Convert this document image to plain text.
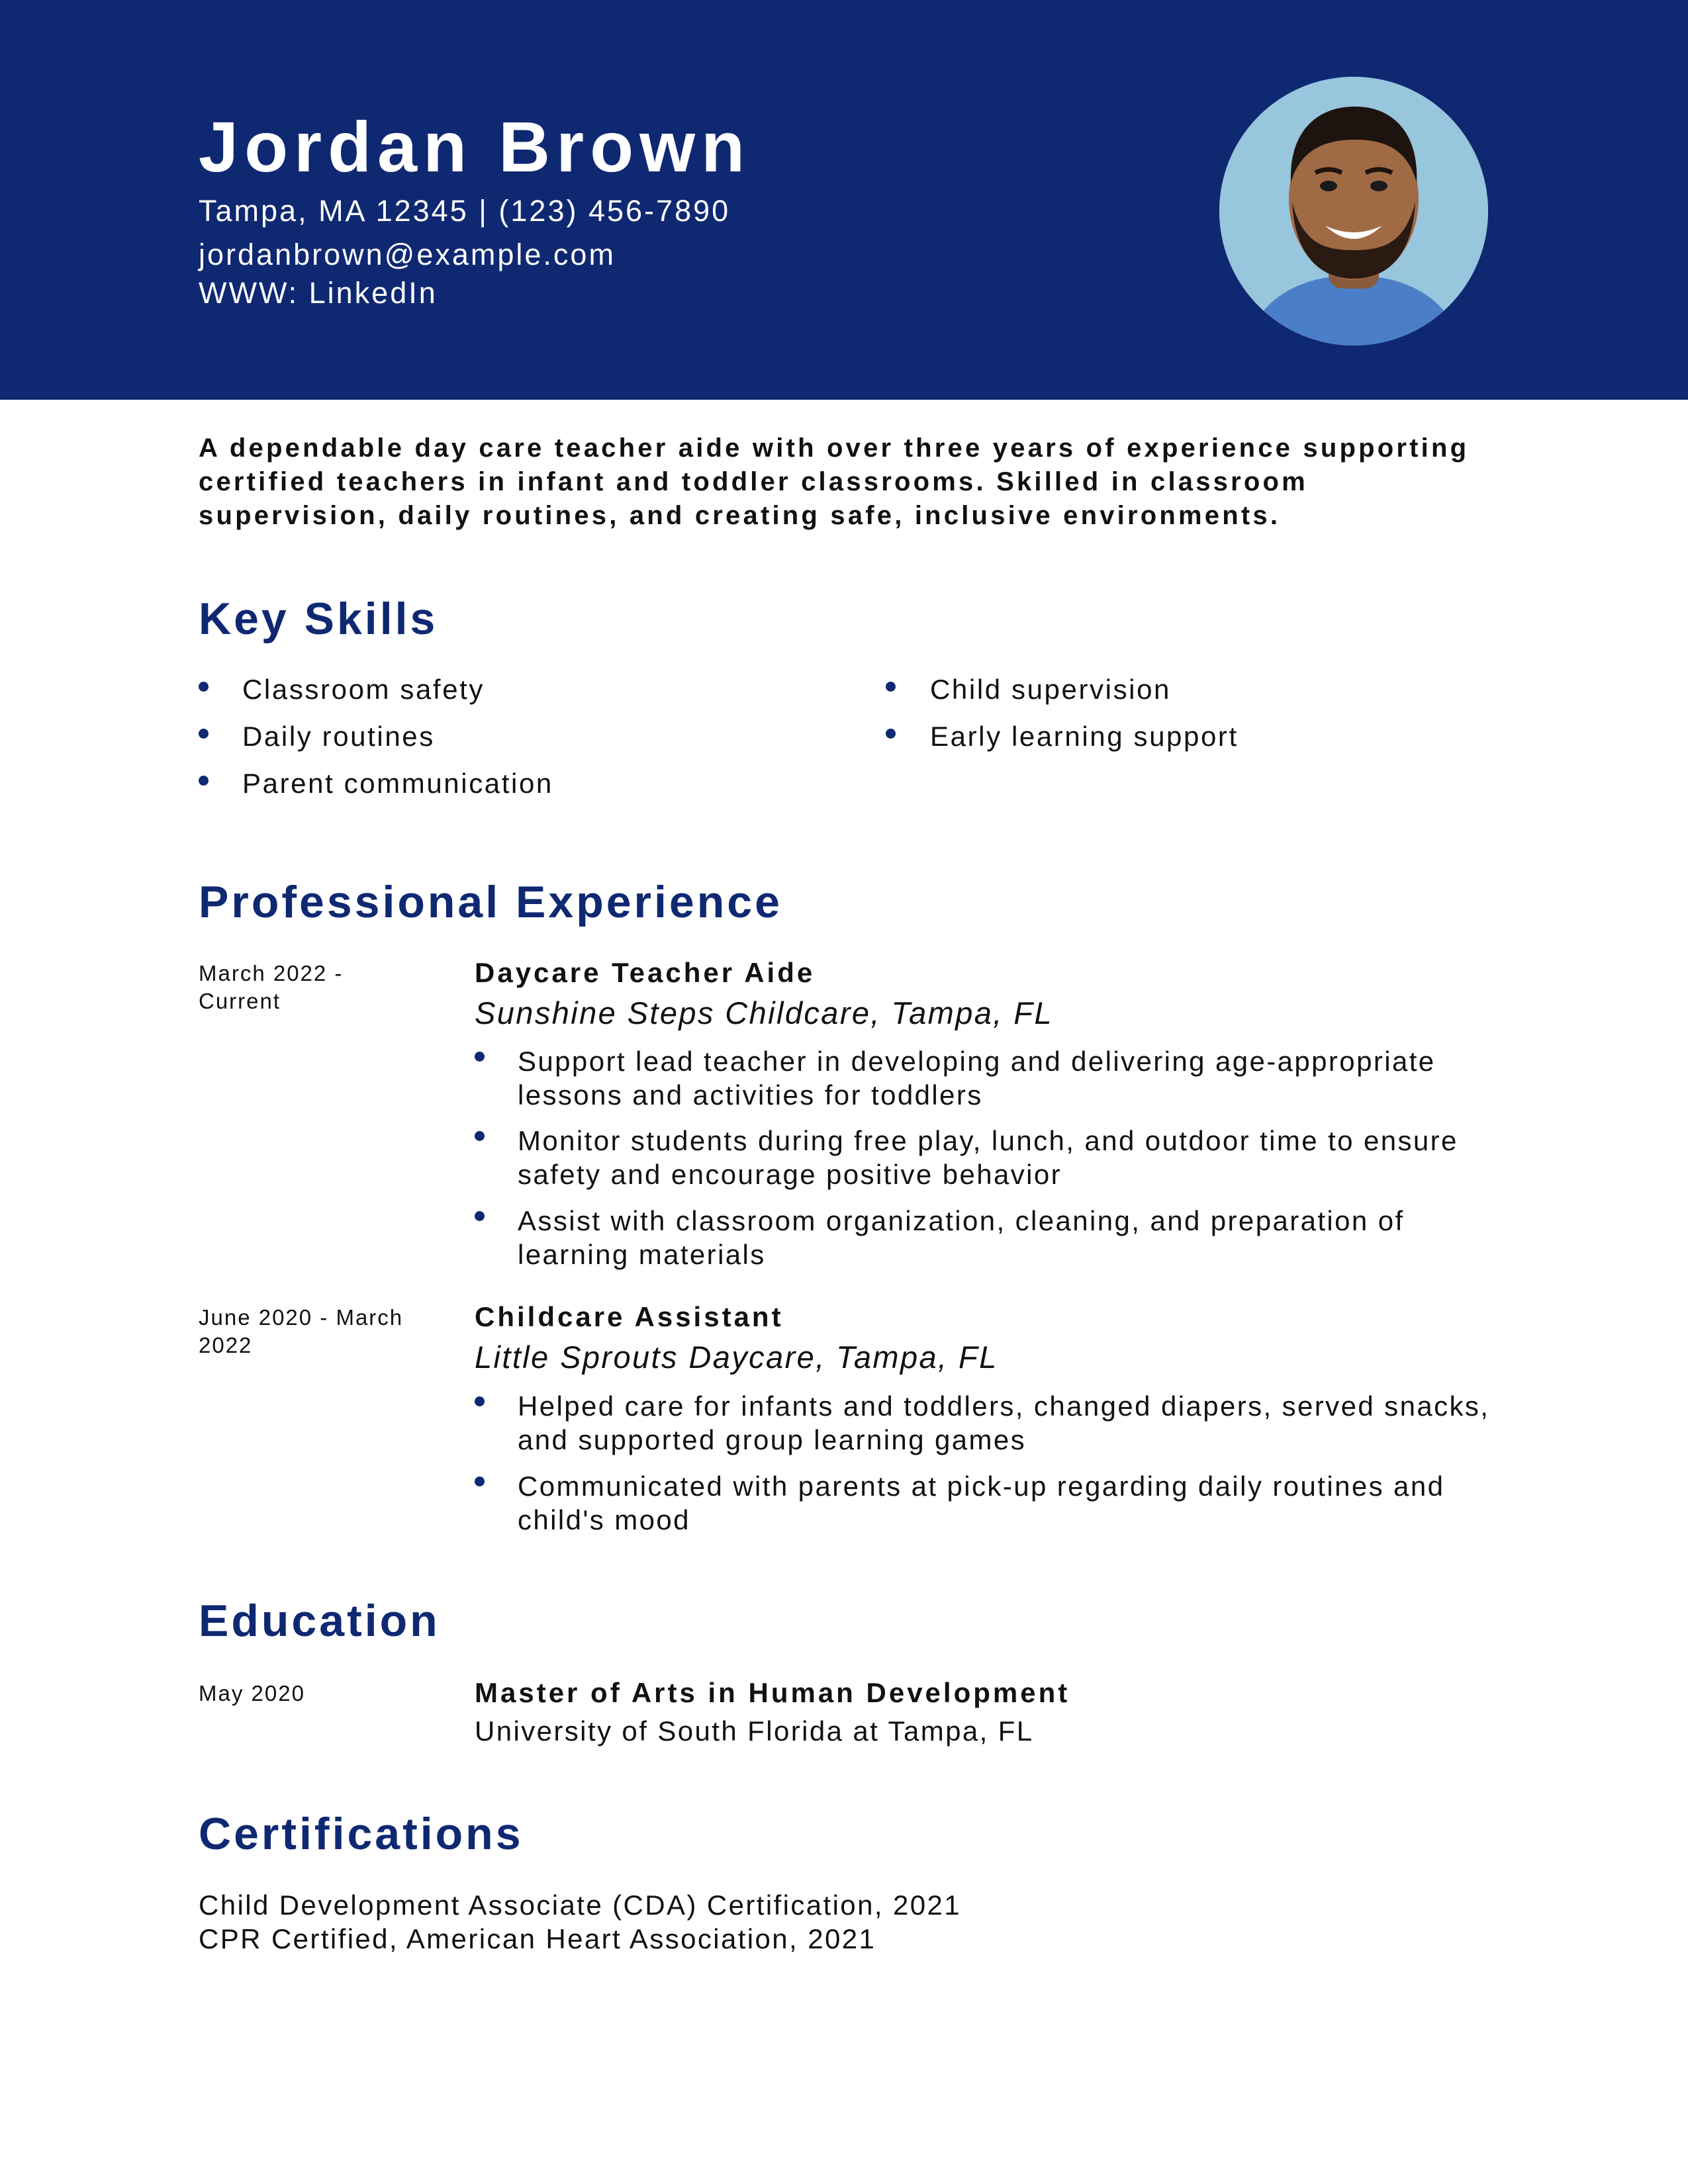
Jordan Brown
Tampa, MA 12345 | (123) 456-7890
jordanbrown@example.com
WWW: LinkedIn

A dependable day care teacher aide with over three years of experience supporting certified teachers in infant and toddler classrooms. Skilled in classroom supervision, daily routines, and creating safe, inclusive environments.

Key Skills
Classroom safety
Daily routines
Parent communication
Child supervision
Early learning support
Professional Experience
March 2022 - Current
Daycare Teacher Aide
Sunshine Steps Childcare, Tampa, FL
Support lead teacher in developing and delivering age-appropriate lessons and activities for toddlers
Monitor students during free play, lunch, and outdoor time to ensure safety and encourage positive behavior
Assist with classroom organization, cleaning, and preparation of learning materials
June 2020 - March 2022
Childcare Assistant
Little Sprouts Daycare, Tampa, FL
Helped care for infants and toddlers, changed diapers, served snacks, and supported group learning games
Communicated with parents at pick-up regarding daily routines and child's mood
Education
May 2020	Master of Arts in Human Development
University of South Florida at Tampa, FL
Certifications
Child Development Associate (CDA) Certification, 2021
CPR Certified, American Heart Association, 2021
